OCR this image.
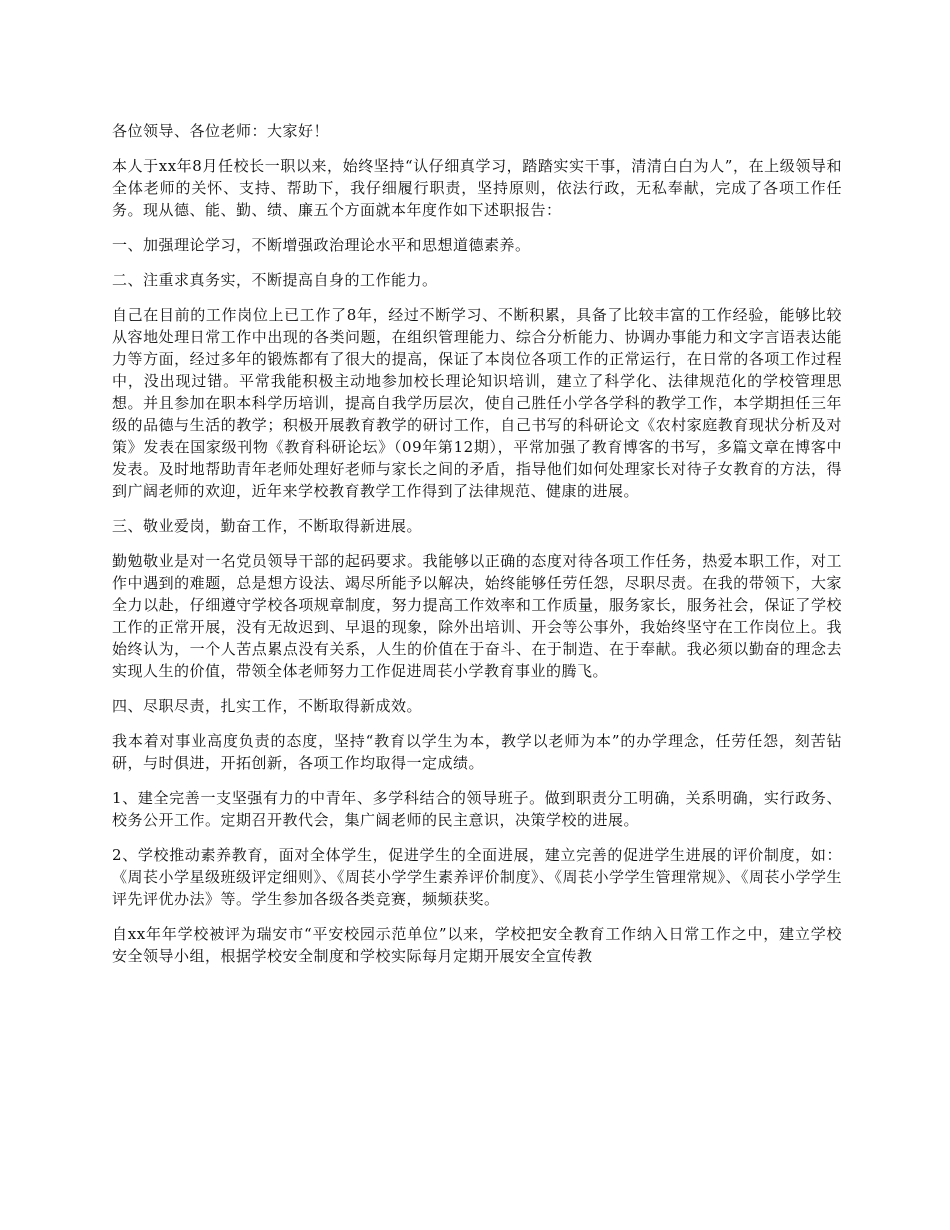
各位领导、各位老师：大家好！

本人于xx年8月任校长一职以来，始终坚持“认仔细真学习，踏踏实实干事，清清白白为人”，在上级领导和全体老师的关怀、支持、帮助下，我仔细履行职责，坚持原则，依法行政，无私奉献，完成了各项工作任务。现从德、能、勤、绩、廉五个方面就本年度作如下述职报告：

一、加强理论学习，不断增强政治理论水平和思想道德素养。

二、注重求真务实，不断提高自身的工作能力。

自己在目前的工作岗位上已工作了8年，经过不断学习、不断积累，具备了比较丰富的工作经验，能够比较从容地处理日常工作中出现的各类问题，在组织管理能力、综合分析能力、协调办事能力和文字言语表达能力等方面，经过多年的锻炼都有了很大的提高，保证了本岗位各项工作的正常运行，在日常的各项工作过程中，没出现过错。平常我能积极主动地参加校长理论知识培训，建立了科学化、法律规范化的学校管理思想。并且参加在职本科学历培训，提高自我学历层次，使自己胜任小学各学科的教学工作，本学期担任三年级的品德与生活的教学；积极开展教育教学的研讨工作，自己书写的科研论文《农村家庭教育现状分析及对策》发表在国家级刊物《教育科研论坛》（09年第12期），平常加强了教育博客的书写，多篇文章在博客中发表。及时地帮助青年老师处理好老师与家长之间的矛盾，指导他们如何处理家长对待子女教育的方法，得到广阔老师的欢迎，近年来学校教育教学工作得到了法律规范、健康的进展。

三、敬业爱岗，勤奋工作，不断取得新进展。

勤勉敬业是对一名党员领导干部的起码要求。我能够以正确的态度对待各项工作任务，热爱本职工作，对工作中遇到的难题，总是想方设法、竭尽所能予以解决，始终能够任劳任怨，尽职尽责。在我的带领下，大家全力以赴，仔细遵守学校各项规章制度，努力提高工作效率和工作质量，服务家长，服务社会，保证了学校工作的正常开展，没有无故迟到、早退的现象，除外出培训、开会等公事外，我始终坚守在工作岗位上。我始终认为，一个人苦点累点没有关系，人生的价值在于奋斗、在于制造、在于奉献。我必须以勤奋的理念去实现人生的价值，带领全体老师努力工作促进周苌小学教育事业的腾飞。

四、尽职尽责，扎实工作，不断取得新成效。

我本着对事业高度负责的态度，坚持“教育以学生为本，教学以老师为本”的办学理念，任劳任怨，刻苦钻研，与时俱进，开拓创新，各项工作均取得一定成绩。

1、建全完善一支坚强有力的中青年、多学科结合的领导班子。做到职责分工明确，关系明确，实行政务、校务公开工作。定期召开教代会，集广阔老师的民主意识，决策学校的进展。

2、学校推动素养教育，面对全体学生，促进学生的全面进展，建立完善的促进学生进展的评价制度，如：《周苌小学星级班级评定细则》、《周苌小学学生素养评价制度》、《周苌小学学生管理常规》、《周苌小学学生评先评优办法》等。学生参加各级各类竞赛，频频获奖。

自xx年年学校被评为瑞安市“平安校园示范单位”以来，学校把安全教育工作纳入日常工作之中，建立学校安全领导小组，根据学校安全制度和学校实际每月定期开展安全宣传教
